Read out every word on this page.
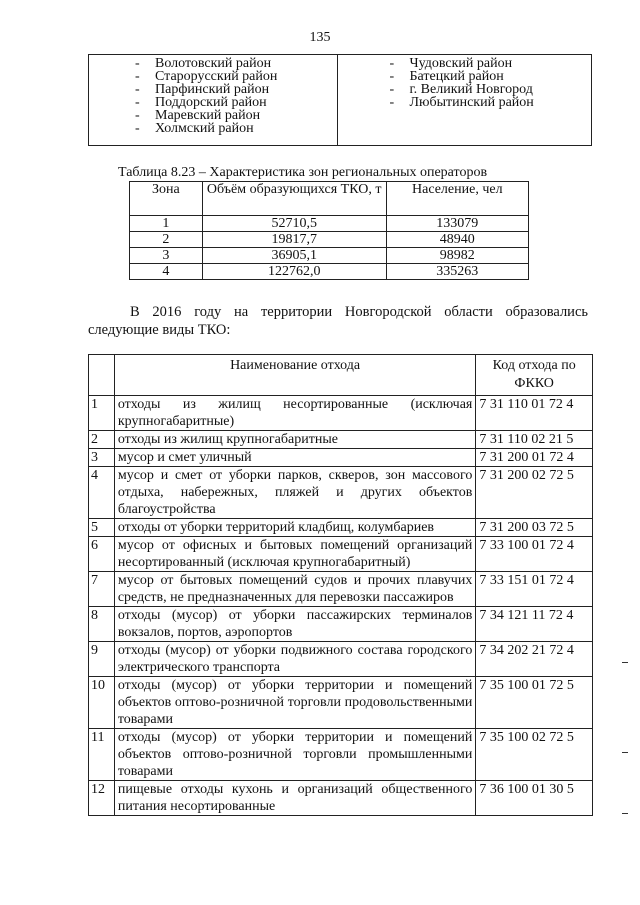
135
- Волотовский район
- Старорусский район
- Парфинский район
- Поддорский район
- Маревский район
- Холмский район
- Чудовский район
- Батецкий район
- г. Великий Новгород
- Любытинский район
Таблица 8.23 – Характеристика зон региональных операторов
Зона	Объём образующихся ТКО, т	Население, чел
1	52710,5	133079
2	19817,7	48940
3	36905,1	98982
4	122762,0	335263
В 2016 году на территории Новгородской области образовались следующие виды ТКО:
	Наименование отхода	Код отхода по ФККО
1	отходы из жилищ несортированные (исключая крупногабаритные)	7 31 110 01 72 4
2	отходы из жилищ крупногабаритные	7 31 110 02 21 5
3	мусор и смет уличный	7 31 200 01 72 4
4	мусор и смет от уборки парков, скверов, зон массового отдыха, набережных, пляжей и других объектов благоустройства	7 31 200 02 72 5
5	отходы от уборки территорий кладбищ, колумбариев	7 31 200 03 72 5
6	мусор от офисных и бытовых помещений организаций несортированный (исключая крупногабаритный)	7 33 100 01 72 4
7	мусор от бытовых помещений судов и прочих плавучих средств, не предназначенных для перевозки пассажиров	7 33 151 01 72 4
8	отходы (мусор) от уборки пассажирских терминалов вокзалов, портов, аэропортов	7 34 121 11 72 4
9	отходы (мусор) от уборки подвижного состава городского электрического транспорта	7 34 202 21 72 4
10	отходы (мусор) от уборки территории и помещений объектов оптово-розничной торговли продовольственными товарами	7 35 100 01 72 5
11	отходы (мусор) от уборки территории и помещений объектов оптово-розничной торговли промышленными товарами	7 35 100 02 72 5
12	пищевые отходы кухонь и организаций общественного питания несортированные	7 36 100 01 30 5
